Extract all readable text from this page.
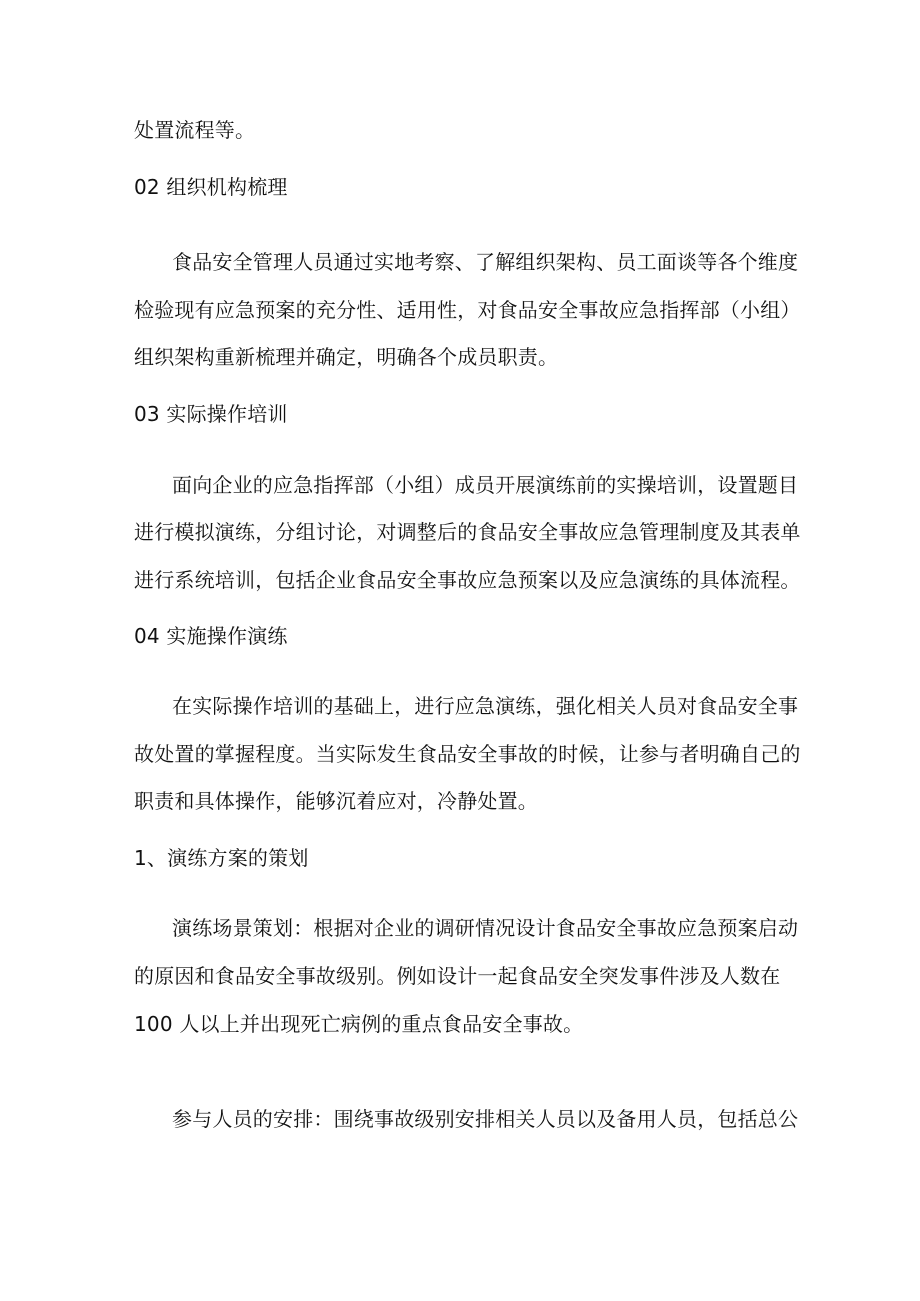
处置流程等。
02 组织机构梳理
食品安全管理人员通过实地考察、了解组织架构、员工面谈等各个维度
检验现有应急预案的充分性、适用性，对食品安全事故应急指挥部（小组）
组织架构重新梳理并确定，明确各个成员职责。
03 实际操作培训
面向企业的应急指挥部（小组）成员开展演练前的实操培训，设置题目
进行模拟演练，分组讨论，对调整后的食品安全事故应急管理制度及其表单
进行系统培训，包括企业食品安全事故应急预案以及应急演练的具体流程。
04 实施操作演练
在实际操作培训的基础上，进行应急演练，强化相关人员对食品安全事
故处置的掌握程度。当实际发生食品安全事故的时候，让参与者明确自己的
职责和具体操作，能够沉着应对，冷静处置。
1、演练方案的策划
演练场景策划：根据对企业的调研情况设计食品安全事故应急预案启动
的原因和食品安全事故级别。例如设计一起食品安全突发事件涉及人数在
100 人以上并出现死亡病例的重点食品安全事故。
参与人员的安排：围绕事故级别安排相关人员以及备用人员，包括总公
